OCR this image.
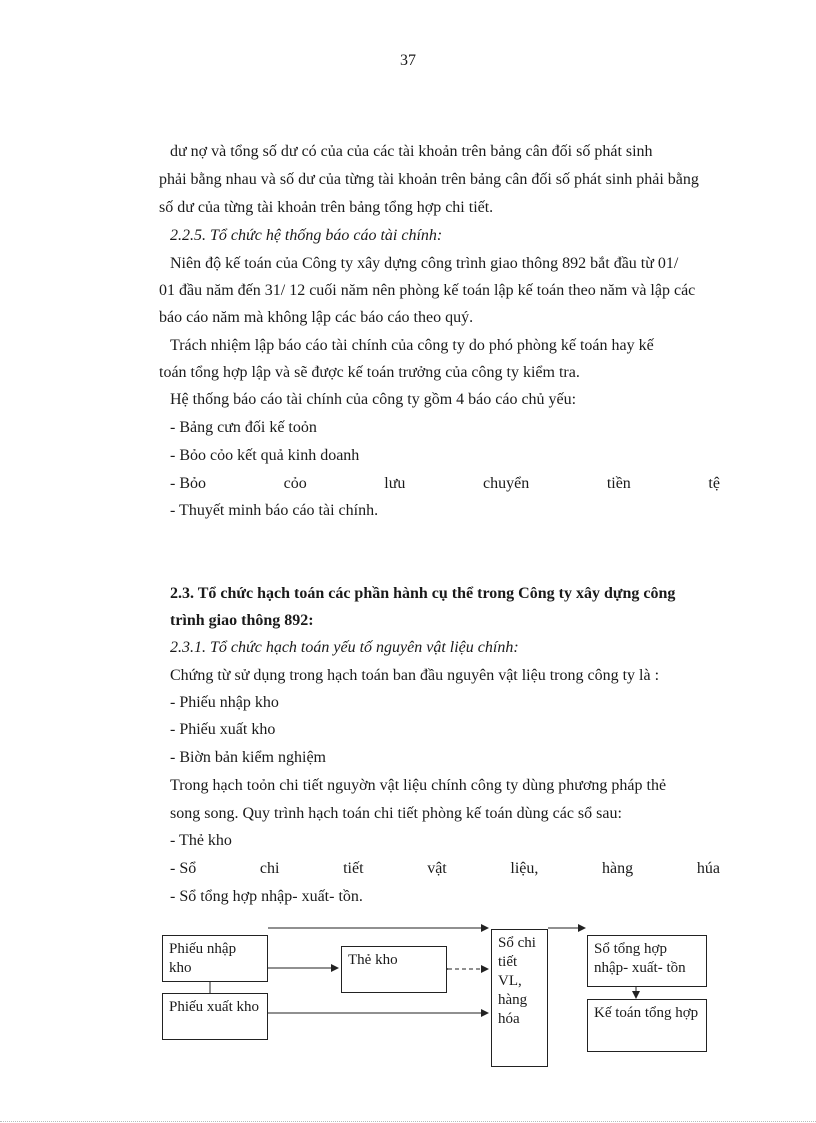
37
dư nợ và tổng số dư có của của các tài khoản trên bảng cân đối số phát sinh
phải bằng nhau và số dư của từng tài khoản trên bảng cân đối số phát sinh phải bằng
số dư của từng tài khoản trên bảng tổng hợp chi tiết.
2.2.5. Tổ chức hệ thống báo cáo tài chính:
Niên độ kế toán của Công ty xây dựng công trình giao thông 892 bắt đầu từ 01/
01 đầu năm đến 31/ 12 cuối năm nên phòng kế toán lập kế toán theo năm và lập các
báo cáo năm mà không lập các báo cáo theo quý.
Trách nhiệm lập báo cáo tài chính của công ty do phó phòng kế toán hay kế
toán tổng hợp lập và sẽ được kế toán trưởng của công ty kiểm tra.
Hệ thống báo cáo tài chính của công ty gồm 4 báo cáo chủ yếu:
- Bảng cưn đối kế toỏn
- Bỏo cỏo kết quả kinh doanh
- Bỏo	cỏo	lưu	chuyển	tiền	tệ
- Thuyết minh báo cáo tài chính.
2.3. Tổ chức hạch toán các phần hành cụ thể trong Công ty xây dựng công
trình giao thông 892:
2.3.1. Tổ chức hạch toán yếu tố nguyên vật liệu chính:
Chứng từ sử dụng trong hạch toán ban đầu nguyên vật liệu trong công ty là :
- Phiếu nhập kho
- Phiếu xuất kho
- Biờn bản kiểm nghiệm
Trong hạch toỏn chi tiết nguyờn vật liệu chính công ty dùng phương pháp thẻ
song song. Quy trình hạch toán chi tiết phòng kế toán dùng các sổ sau:
- Thẻ kho
- Sổ	chi	tiết	vật	liệu,	hàng	húa
- Sổ tổng hợp nhập- xuất- tồn.
Phiếu nhập kho
Phiếu xuất kho
Thẻ kho
Sổ chi tiết VL, hàng hóa
Sổ tổng hợp nhập- xuất- tồn
Kế toán tổng hợp
